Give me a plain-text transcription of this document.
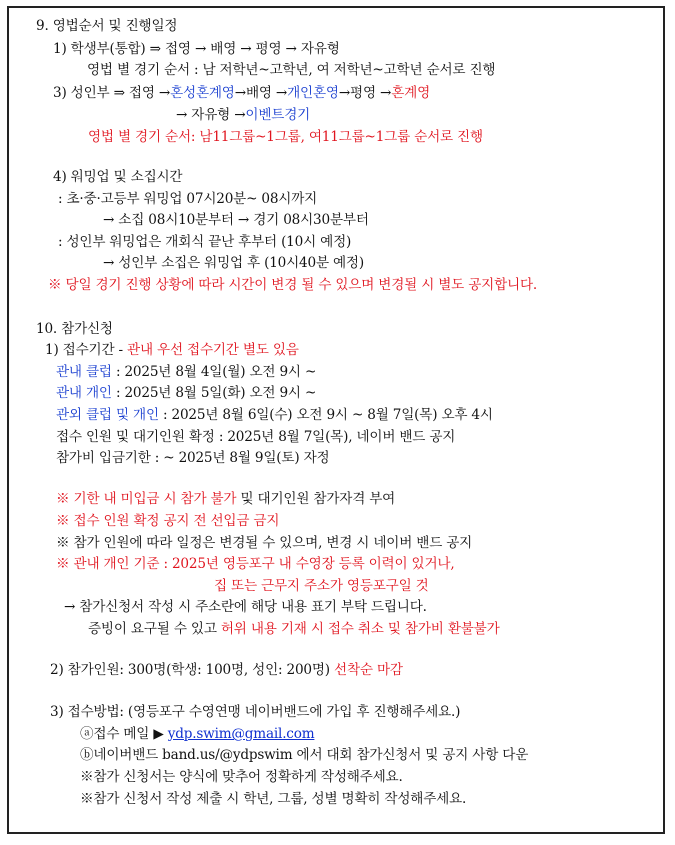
9. 영법순서 및 진행일정
1) 학생부(통합) ⇒ 접영 → 배영 → 평영 → 자유형
영법 별 경기 순서 : 남 저학년~고학년, 여 저학년~고학년 순서로 진행
3) 성인부 ⇒ 접영 →혼성혼계영→배영 →개인혼영→평영 →혼계영
→ 자유형 →이벤트경기
영법 별 경기 순서: 남11그룹~1그룹, 여11그룹~1그룹 순서로 진행
4) 워밍업 및 소집시간
: 초·중·고등부 워밍업 07시20분~ 08시까지
→ 소집 08시10분부터 → 경기 08시30분부터
: 성인부 워밍업은 개회식 끝난 후부터 (10시 예정)
→ 성인부 소집은 워밍업 후 (10시40분 예정)
※ 당일 경기 진행 상황에 따라 시간이 변경 될 수 있으며 변경될 시 별도 공지합니다.
10. 참가신청
1) 접수기간 - 관내 우선 접수기간 별도 있음
관내 클럽 : 2025년 8월 4일(월) 오전 9시 ~
관내 개인 : 2025년 8월 5일(화) 오전 9시 ~
관외 클럽 및 개인 : 2025년 8월 6일(수) 오전 9시 ~ 8월 7일(목) 오후 4시
접수 인원 및 대기인원 확정 : 2025년 8월 7일(목), 네이버 밴드 공지
참가비 입금기한 : ~ 2025년 8월 9일(토) 자정
※ 기한 내 미입금 시 참가 불가 및 대기인원 참가자격 부여
※ 접수 인원 확정 공지 전 선입금 금지
※ 참가 인원에 따라 일정은 변경될 수 있으며, 변경 시 네이버 밴드 공지
※ 관내 개인 기준 : 2025년 영등포구 내 수영장 등록 이력이 있거나,
집 또는 근무지 주소가 영등포구일 것
→ 참가신청서 작성 시 주소란에 해당 내용 표기 부탁 드립니다.
증빙이 요구될 수 있고 허위 내용 기재 시 접수 취소 및 참가비 환불불가
2) 참가인원: 300명(학생: 100명, 성인: 200명) 선착순 마감
3) 접수방법: (영등포구 수영연맹 네이버밴드에 가입 후 진행해주세요.)
ⓐ접수 메일 ▶ ydp.swim@gmail.com
ⓑ네이버밴드 band.us/@ydpswim 에서 대회 참가신청서 및 공지 사항 다운
※참가 신청서는 양식에 맞추어 정확하게 작성해주세요.
※참가 신청서 작성 제출 시 학년, 그룹, 성별 명확히 작성해주세요.
